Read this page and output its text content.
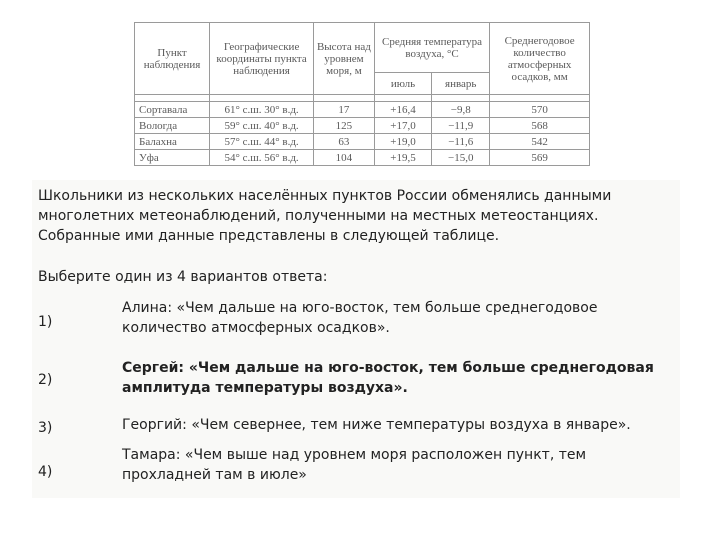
Пункт наблюдения	Географические координаты пункта наблюдения	Высота над уровнем моря, м	Средняя температура воздуха, °С		Среднегодовое количество атмосферных осадков, мм
			июль	январь	

Сортавала	61° с.ш. 30° в.д.	17	+16,4	−9,8	570
Вологда	59° с.ш. 40° в.д.	125	+17,0	−11,9	568
Балахна	57° с.ш. 44° в.д.	63	+19,0	−11,6	542
Уфа	54° с.ш. 56° в.д.	104	+19,5	−15,0	569

Школьники из нескольких населённых пунктов России обменялись данными многолетних метеонаблюдений, полученными на местных метеостанциях. Собранные ими данные представлены в следующей таблице.

Выберите один из 4 вариантов ответа:

1)
Алина: «Чем дальше на юго-восток, тем больше среднегодовое количество атмосферных осадков».
2)
Сергей: «Чем дальше на юго-восток, тем больше среднегодовая амплитуда температуры воздуха».
3)	Георгий: «Чем севернее, тем ниже температуры воздуха в январе».
4)
Тамара: «Чем выше над уровнем моря расположен пункт, тем прохладней там в июле»
